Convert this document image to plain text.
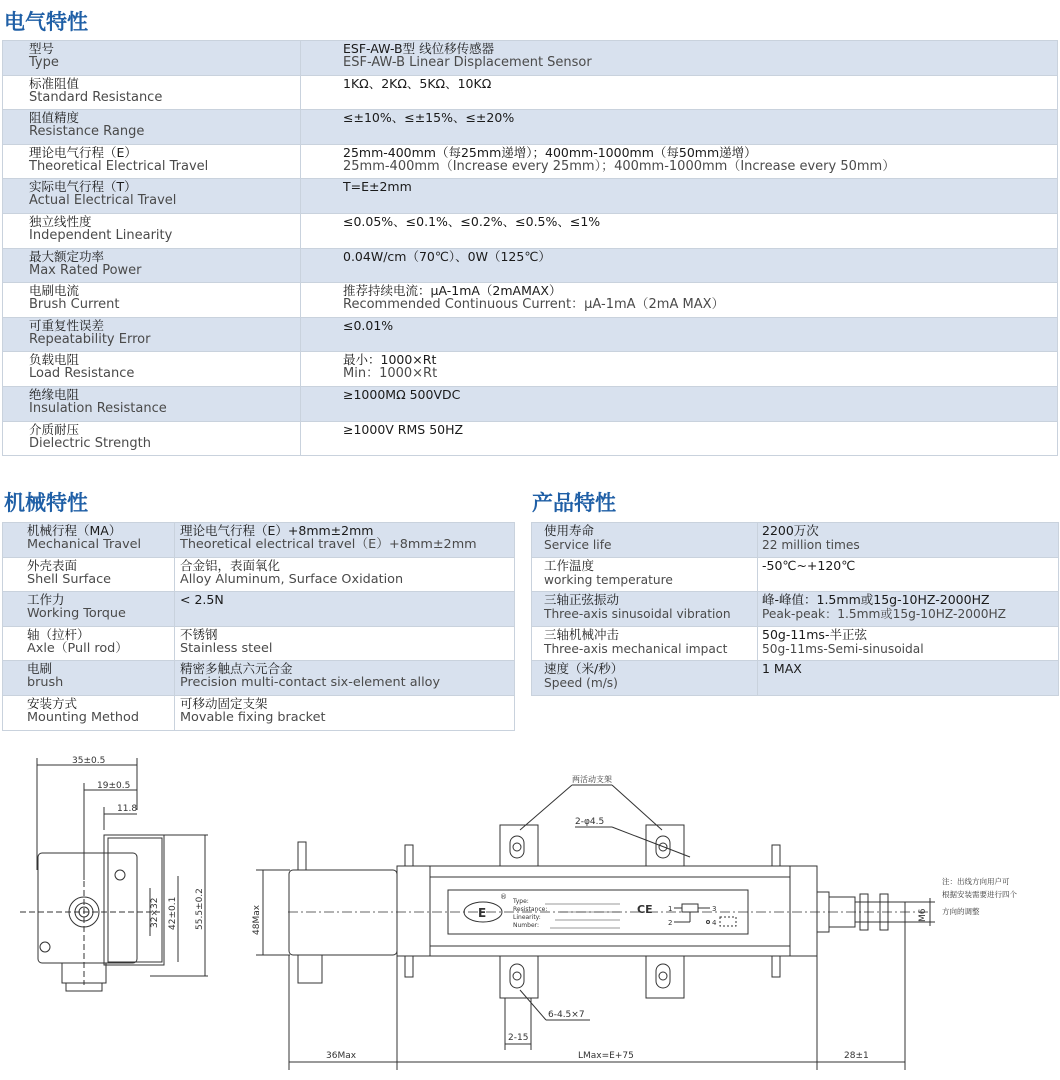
电气特性
型号
Type	ESF-AW-B型 线位移传感器
ESF-AW-B Linear Displacement Sensor

标准阻值
Standard Resistance	1KΩ、2KΩ、5KΩ、10KΩ

阻值精度
Resistance Range	≤±10%、≤±15%、≤±20%

理论电气行程（E）
Theoretical Electrical Travel	25mm-400mm（每25mm递增）；400mm-1000mm（每50mm递增）
25mm-400mm（Increase every 25mm）；400mm-1000mm（Increase every 50mm）

实际电气行程（T）
Actual Electrical Travel	T=E±2mm

独立线性度
Independent Linearity	≤0.05%、≤0.1%、≤0.2%、≤0.5%、≤1%

最大额定功率
Max Rated Power	0.04W/cm（70℃）、0W（125℃）

电刷电流
Brush Current	推荐持续电流：μA-1mA（2mAMAX）
Recommended Continuous Current：μA-1mA（2mA MAX）

可重复性误差
Repeatability Error	≤0.01%

负载电阻
Load Resistance	最小：1000×Rt
Min：1000×Rt

绝缘电阻
Insulation Resistance	≥1000MΩ 500VDC

介质耐压
Dielectric Strength	≥1000V RMS 50HZ
机械特性
机械行程（MA）
Mechanical Travel	理论电气行程（E）+8mm±2mm
Theoretical electrical travel（E）+8mm±2mm

外壳表面
Shell Surface	合金铝，表面氧化
Alloy Aluminum, Surface Oxidation

工作力
Working Torque	< 2.5N

轴（拉杆）
Axle（Pull rod）	不锈钢
Stainless steel

电刷
brush	精密多触点六元合金
Precision multi-contact six-element alloy

安装方式
Mounting Method	可移动固定支架
Movable fixing bracket
产品特性
使用寿命
Service life	2200万次
22 million times

工作温度
working temperature	-50℃~+120℃

三轴正弦振动
Three-axis sinusoidal vibration	峰-峰值：1.5mm或15g-10HZ-2000HZ
Peak-peak：1.5mm或15g-10HZ-2000HZ

三轴机械冲击
Three-axis mechanical impact	50g-11ms-半正弦
50g-11ms-Semi-sinusoidal

速度（米/秒）
Speed (m/s)	1 MAX
35±0.5
19±0.5
11.8
32×32 42±0.1 55.5±0.2	48Max	E
®
Type:
Resistance:
Linearity:
Number:
CE 1	3
2	4
M6
注：出线方向用户可
根据安装需要进行四个
方向的调整
两活动支架
2-φ4.5
6-4.5×7
2-15
36Max	LMax=E+75	28±1
